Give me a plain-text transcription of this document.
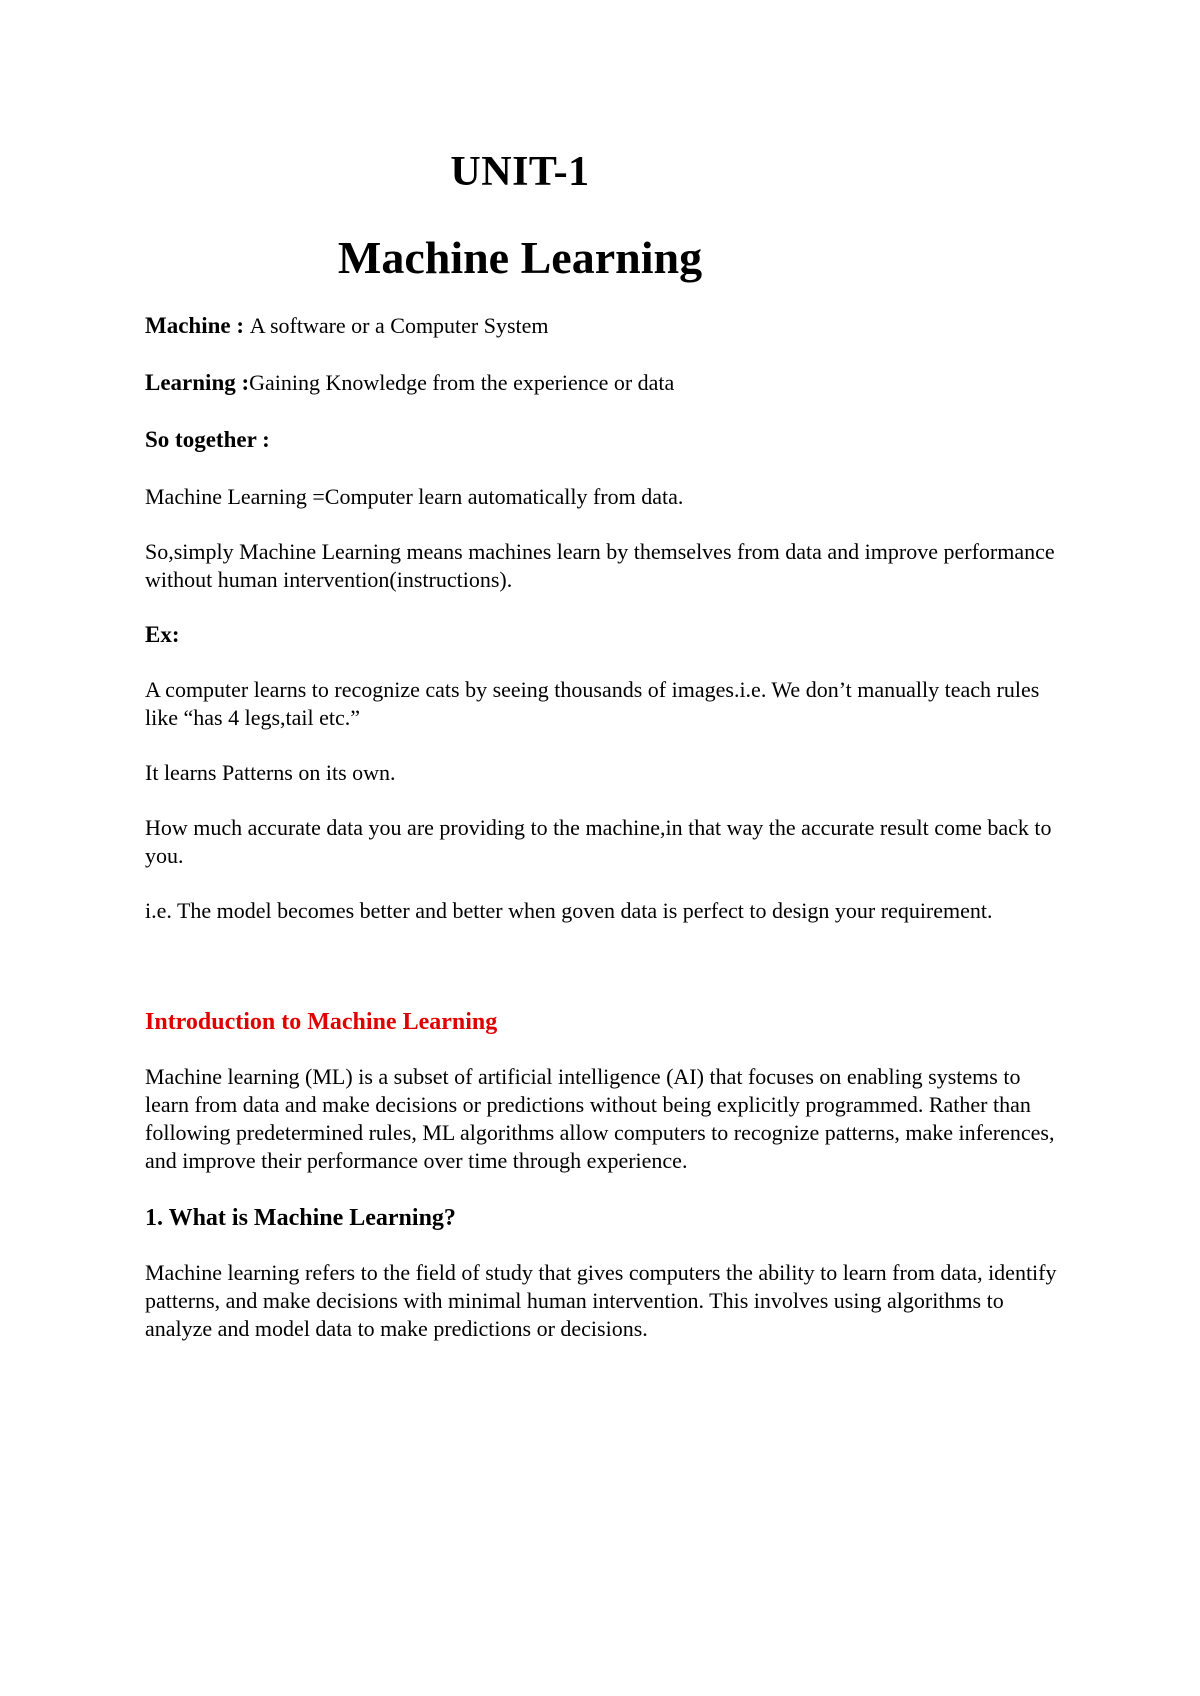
UNIT-1
Machine Learning

Machine : A software or a Computer System

Learning :Gaining Knowledge from the experience or data

So together :

Machine Learning =Computer learn automatically from data.

So,simply Machine Learning means machines learn by themselves from data and improve performance without human intervention(instructions).

Ex:

A computer learns to recognize cats by seeing thousands of images.i.e. We don’t manually teach rules like “has 4 legs,tail etc.”

It learns Patterns on its own.

How much accurate data you are providing to the machine,in that way the accurate result come back to you.

i.e. The model becomes better and better when goven data is perfect to design your requirement.

Introduction to Machine Learning

Machine learning (ML) is a subset of artificial intelligence (AI) that focuses on enabling systems to learn from data and make decisions or predictions without being explicitly programmed. Rather than following predetermined rules, ML algorithms allow computers to recognize patterns, make inferences, and improve their performance over time through experience.

1. What is Machine Learning?

Machine learning refers to the field of study that gives computers the ability to learn from data, identify patterns, and make decisions with minimal human intervention. This involves using algorithms to analyze and model data to make predictions or decisions.
